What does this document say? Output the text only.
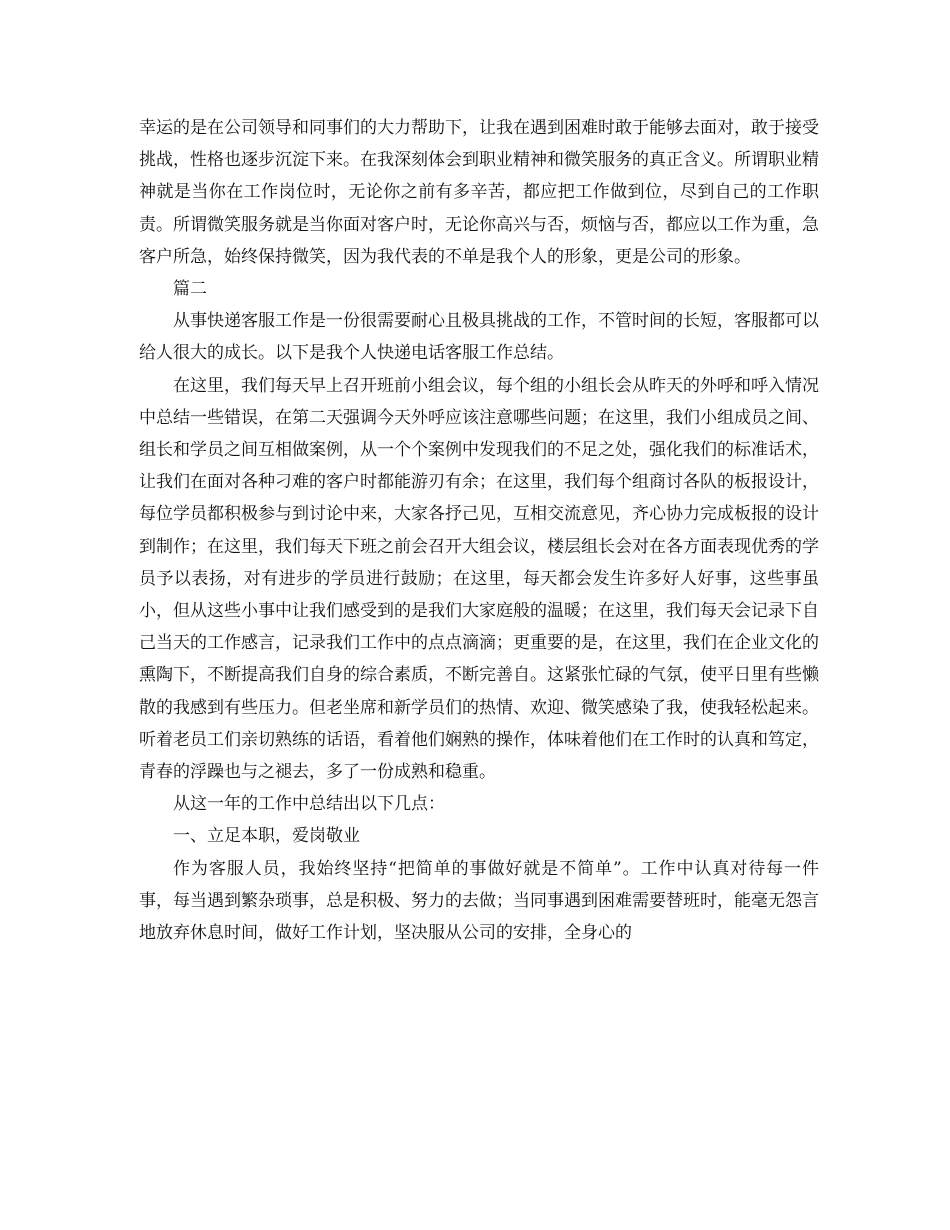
幸运的是在公司领导和同事们的大力帮助下，让我在遇到困难时敢于能够去面对，敢于接受挑战，性格也逐步沉淀下来。在我深刻体会到职业精神和微笑服务的真正含义。所谓职业精神就是当你在工作岗位时，无论你之前有多辛苦，都应把工作做到位，尽到自己的工作职责。所谓微笑服务就是当你面对客户时，无论你高兴与否，烦恼与否，都应以工作为重，急客户所急，始终保持微笑，因为我代表的不单是我个人的形象，更是公司的形象。

篇二

从事快递客服工作是一份很需要耐心且极具挑战的工作，不管时间的长短，客服都可以给人很大的成长。以下是我个人快递电话客服工作总结。

在这里，我们每天早上召开班前小组会议，每个组的小组长会从昨天的外呼和呼入情况中总结一些错误，在第二天强调今天外呼应该注意哪些问题；在这里，我们小组成员之间、组长和学员之间互相做案例，从一个个案例中发现我们的不足之处，强化我们的标准话术，让我们在面对各种刁难的客户时都能游刃有余；在这里，我们每个组商讨各队的板报设计，每位学员都积极参与到讨论中来，大家各抒己见，互相交流意见，齐心协力完成板报的设计到制作；在这里，我们每天下班之前会召开大组会议，楼层组长会对在各方面表现优秀的学员予以表扬，对有进步的学员进行鼓励；在这里，每天都会发生许多好人好事，这些事虽小，但从这些小事中让我们感受到的是我们大家庭般的温暖；在这里，我们每天会记录下自己当天的工作感言，记录我们工作中的点点滴滴；更重要的是，在这里，我们在企业文化的熏陶下，不断提高我们自身的综合素质，不断完善自。这紧张忙碌的气氛，使平日里有些懒散的我感到有些压力。但老坐席和新学员们的热情、欢迎、微笑感染了我，使我轻松起来。听着老员工们亲切熟练的话语，看着他们娴熟的操作，体味着他们在工作时的认真和笃定，青春的浮躁也与之褪去，多了一份成熟和稳重。

从这一年的工作中总结出以下几点：

一、立足本职，爱岗敬业

作为客服人员，我始终坚持“把简单的事做好就是不简单”。工作中认真对待每一件事，每当遇到繁杂琐事，总是积极、努力的去做；当同事遇到困难需要替班时，能毫无怨言地放弃休息时间，做好工作计划，坚决服从公司的安排，全身心的
